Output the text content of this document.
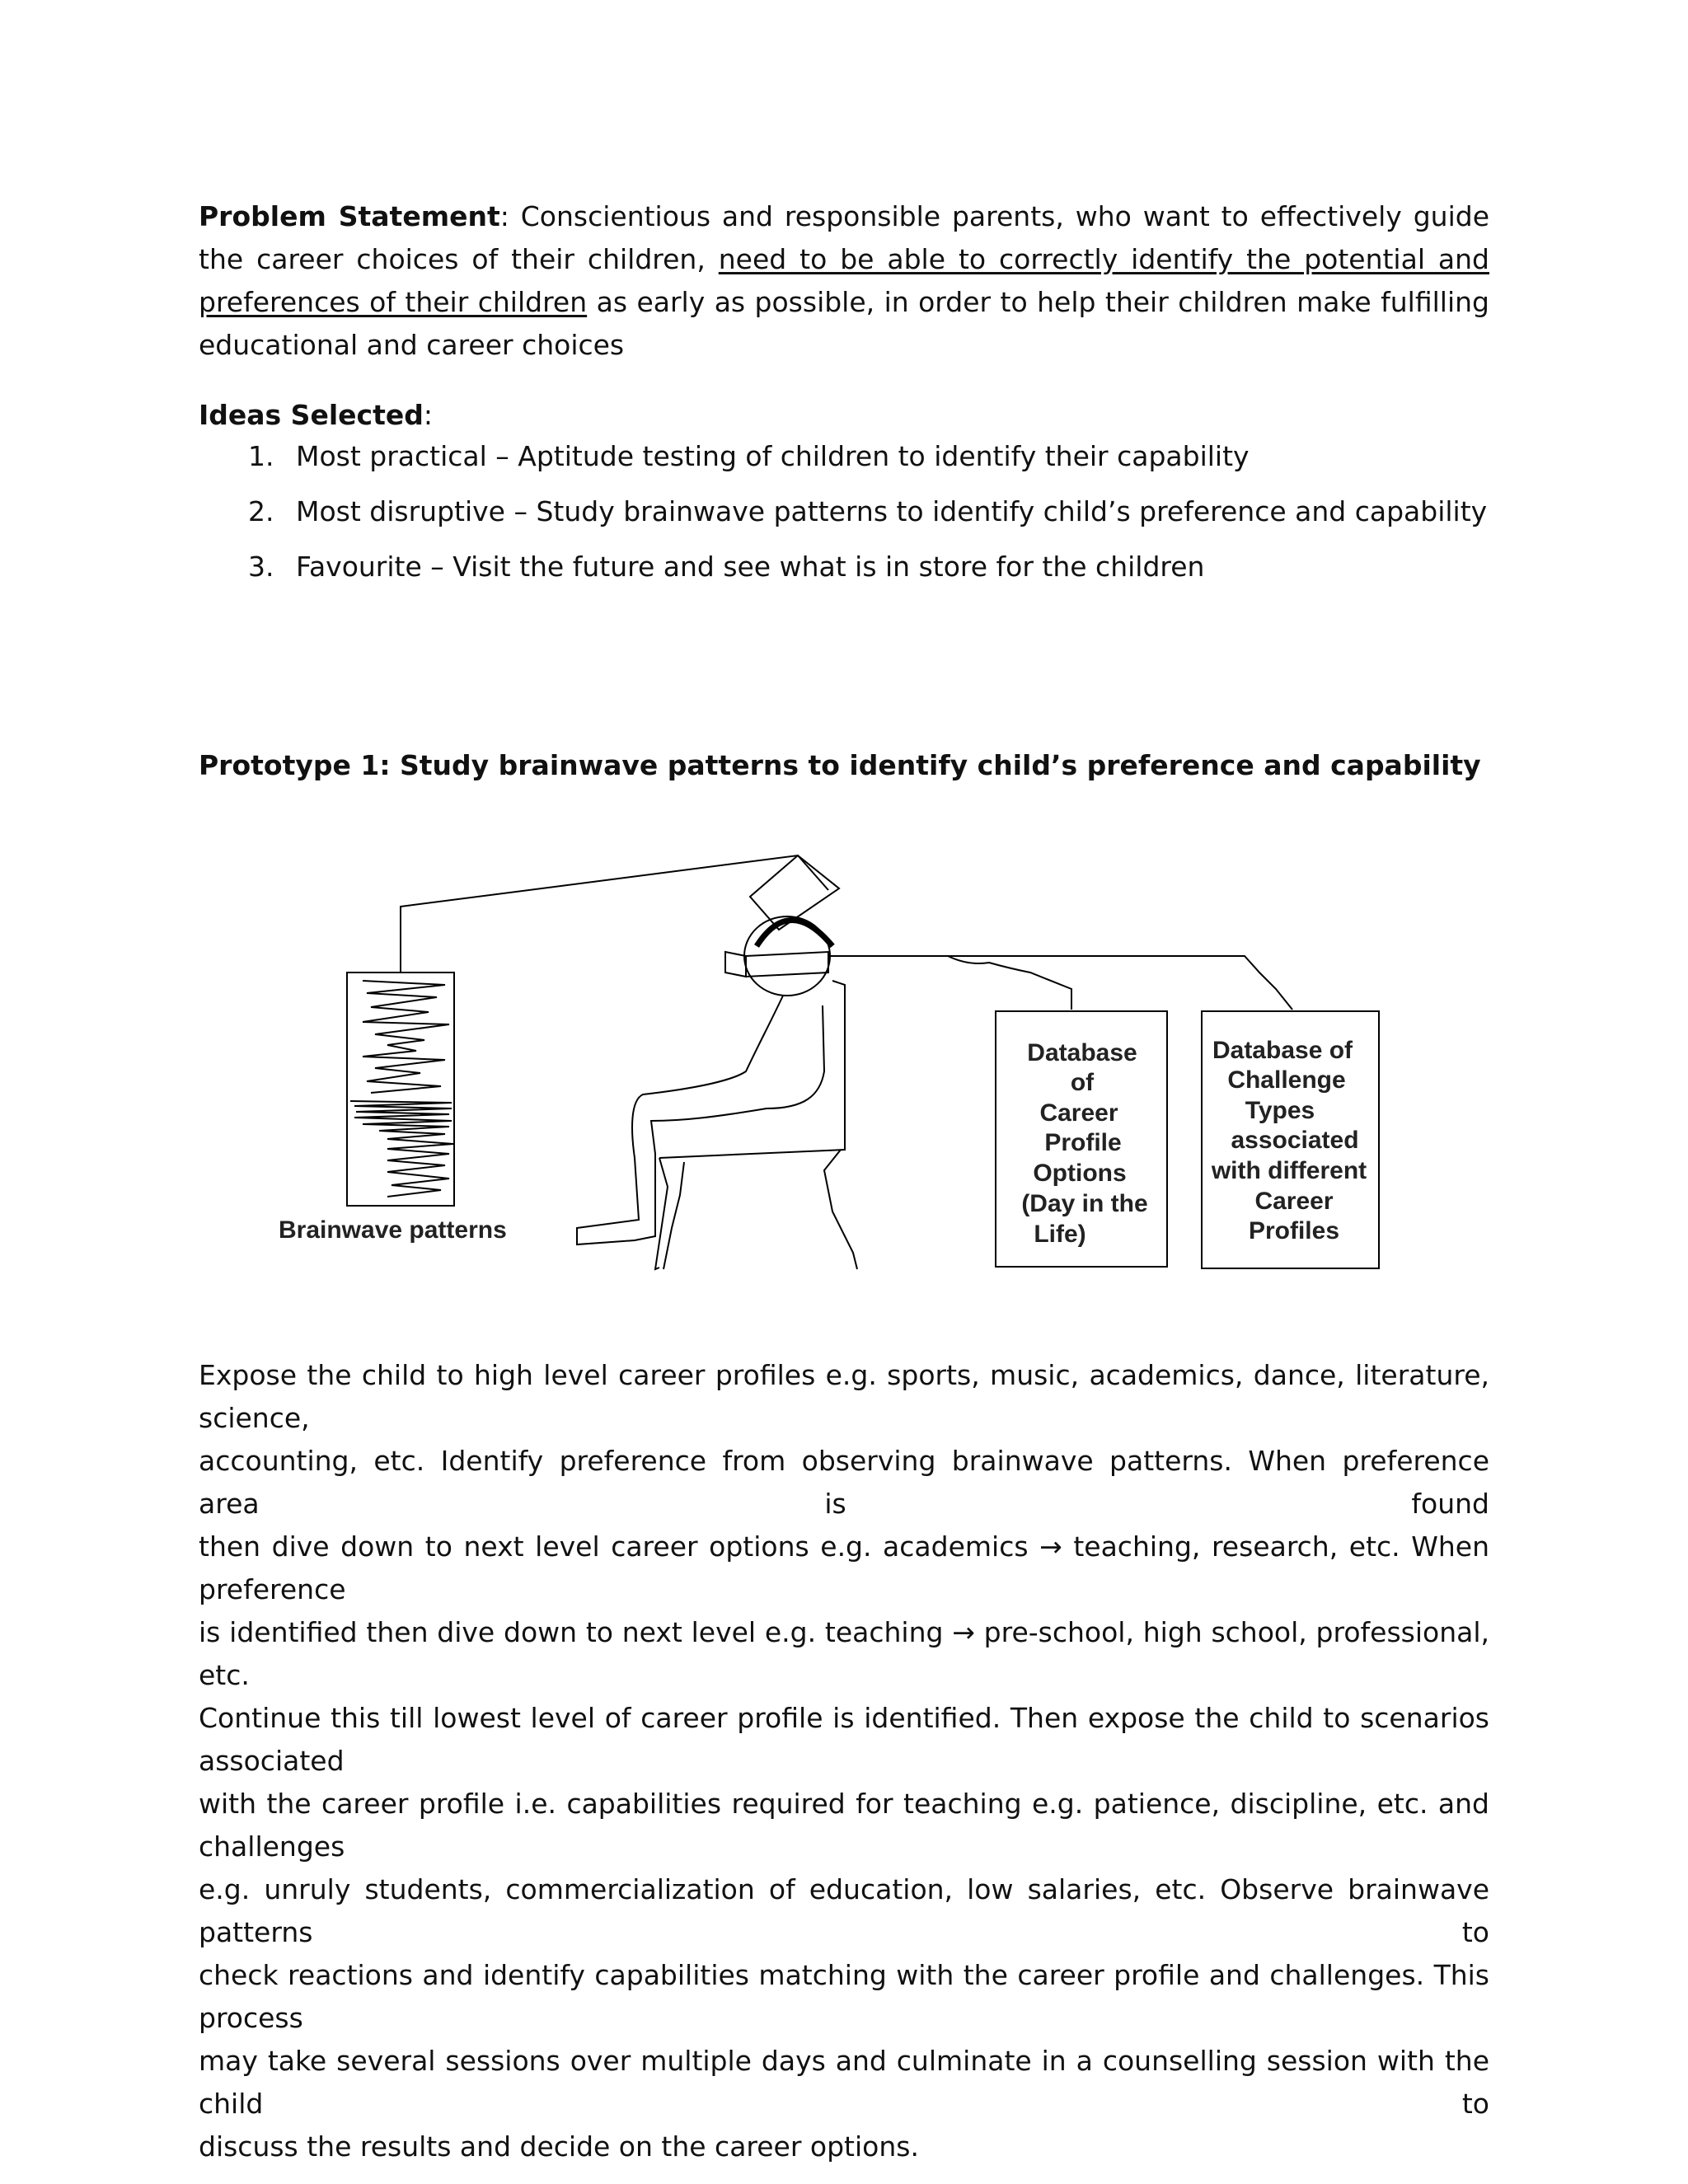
Problem Statement: Conscientious and responsible parents, who want to effectively guide the career choices of their children, need to be able to correctly identify the potential and preferences of their children as early as possible, in order to help their children make fulfilling educational and career choices

Ideas Selected:
1. Most practical – Aptitude testing of children to identify their capability
2. Most disruptive – Study brainwave patterns to identify child’s preference and capability
3. Favourite – Visit the future and see what is in store for the children
Prototype 1: Study brainwave patterns to identify child’s preference and capability
Brainwave patterns
Database
of
Career
Profile
Options
(Day in the
Life)
Database of
Challenge
Types
associated
with different
Career
Profiles
Expose the child to high level career profiles e.g. sports, music, academics, dance, literature, science,
accounting, etc. Identify preference from observing brainwave patterns. When preference area is found
then dive down to next level career options e.g. academics → teaching, research, etc. When preference
is identified then dive down to next level e.g. teaching → pre-school, high school, professional, etc.
Continue this till lowest level of career profile is identified. Then expose the child to scenarios associated
with the career profile i.e. capabilities required for teaching e.g. patience, discipline, etc. and challenges
e.g. unruly students, commercialization of education, low salaries, etc. Observe brainwave patterns to
check reactions and identify capabilities matching with the career profile and challenges. This process
may take several sessions over multiple days and culminate in a counselling session with the child to
discuss the results and decide on the career options.
